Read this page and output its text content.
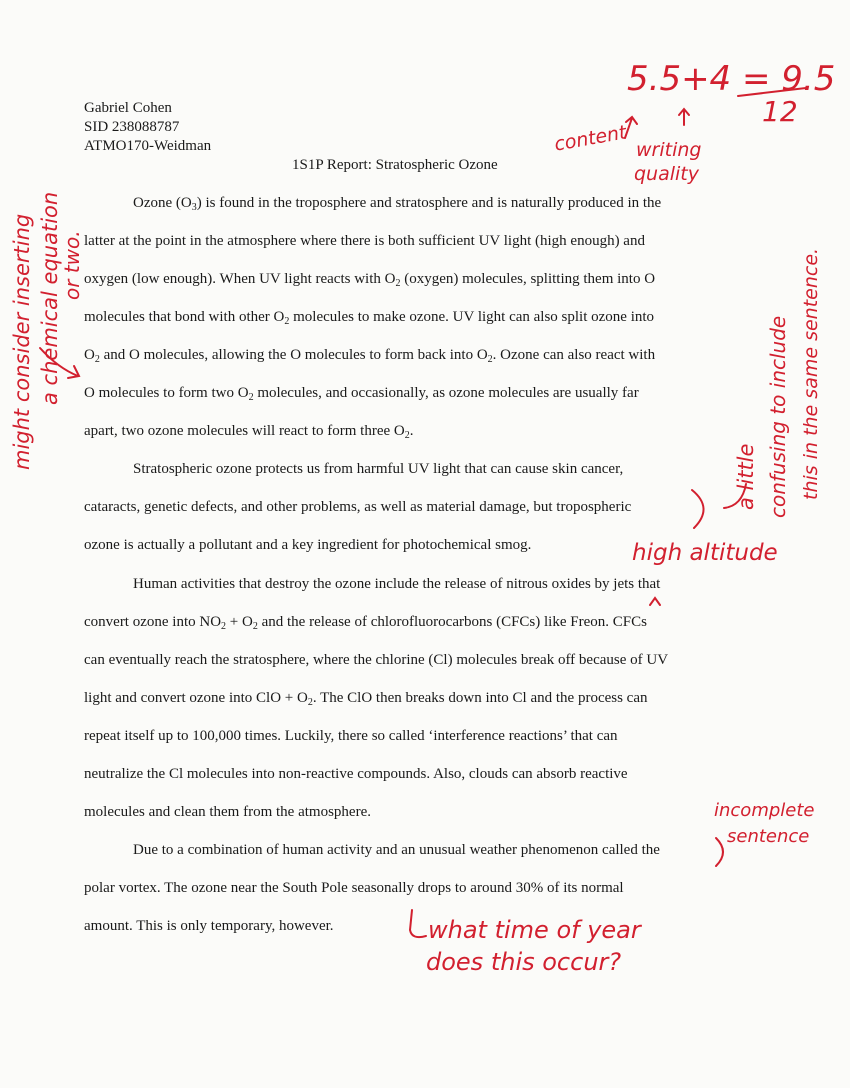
Gabriel Cohen
SID 238088787
ATMO170-Weidman
1S1P Report: Stratospheric Ozone
Ozone $(O_3)$ is found in the troposphere and stratosphere and is naturally produced in the
latter at the point in the atmosphere where there is both sufficient UV light (high enough) and
oxygen (low enough). When UV light reacts with $O_2$ (oxygen) molecules, splitting them into O
molecules that bond with other $O_2$ molecules to make ozone. UV light can also split ozone into
$O_2$ and O molecules, allowing the O molecules to form back into $O_2$. Ozone can also react with
O molecules to form two $O_2$ molecules, and occasionally, as ozone molecules are usually far
apart, two ozone molecules will react to form three $O_2$.
Stratospheric ozone protects us from harmful UV light that can cause skin cancer,
cataracts, genetic defects, and other problems, as well as material damage, but tropospheric
ozone is actually a pollutant and a key ingredient for photochemical smog.
Human activities that destroy the ozone include the release of nitrous oxides by jets that
convert ozone into $NO_2 + O_2$ and the release of chlorofluorocarbons (CFCs) like Freon. CFCs
can eventually reach the stratosphere, where the chlorine (Cl) molecules break off because of UV
light and convert ozone into ClO + $O_2$. The ClO then breaks down into Cl and the process can
repeat itself up to 100,000 times. Luckily, there so called ‘interference reactions’ that can
neutralize the Cl molecules into non-reactive compounds. Also, clouds can absorb reactive
molecules and clean them from the atmosphere.
Due to a combination of human activity and an unusual weather phenomenon called the
polar vortex. The ozone near the South Pole seasonally drops to around 30% of its normal
amount. This is only temporary, however.
5.5+4 = 9.5
12
content writing
quality
might consider inserting a chemical equation
or two.
a little confusing to include this in the same sentence.
high altitude
incomplete
sentence
what time of year
does this occur?
